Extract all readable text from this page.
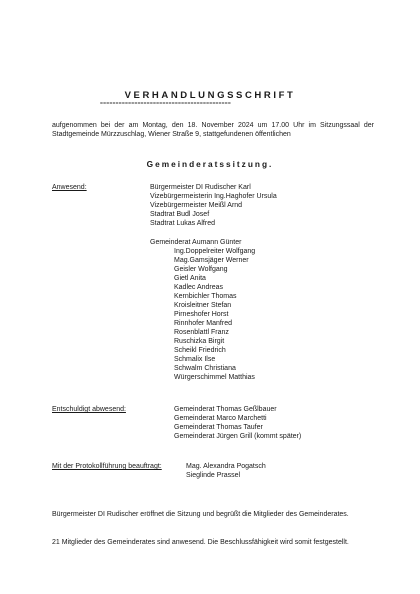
VERHANDLUNGSSCHRIFT
==========================================
aufgenommen bei der am Montag, den 18. November 2024 um 17.00 Uhr im Sitzungssaal der Stadtgemeinde Mürzzuschlag, Wiener Straße 9, stattgefundenen öffentlichen
Gemeinderatssitzung.
Anwesend:	Bürgermeister DI Rudischer Karl
Vizebürgermeisterin Ing.Haghofer Ursula
Vizebürgermeister Meißl Arnd
Stadtrat Budl Josef
Stadtrat Lukas Alfred
Gemeinderat Aumann Günter
Ing.Doppelreiter Wolfgang
Mag.Gamsjäger Werner
Geisler Wolfgang
Gietl Anita
Kadlec Andreas
Kernbichler Thomas
Kroisleitner Stefan
Pirneshofer Horst
Rinnhofer Manfred
Rosenblattl Franz
Ruschizka Birgit
Scheikl Friedrich
Schmalix Ilse
Schwalm Christiana
Würgerschimmel Matthias
Entschuldigt abwesend:	Gemeinderat Thomas Geßlbauer
Gemeinderat Marco Marchetti
Gemeinderat Thomas Taufer
Gemeinderat Jürgen Grill (kommt später)
Mit der Protokollführung beauftragt:	Mag. Alexandra Pogatsch
Sieglinde Prassel
Bürgermeister DI Rudischer eröffnet die Sitzung und begrüßt die Mitglieder des Gemeinderates.
21 Mitglieder des Gemeinderates sind anwesend. Die Beschlussfähigkeit wird somit festgestellt.
